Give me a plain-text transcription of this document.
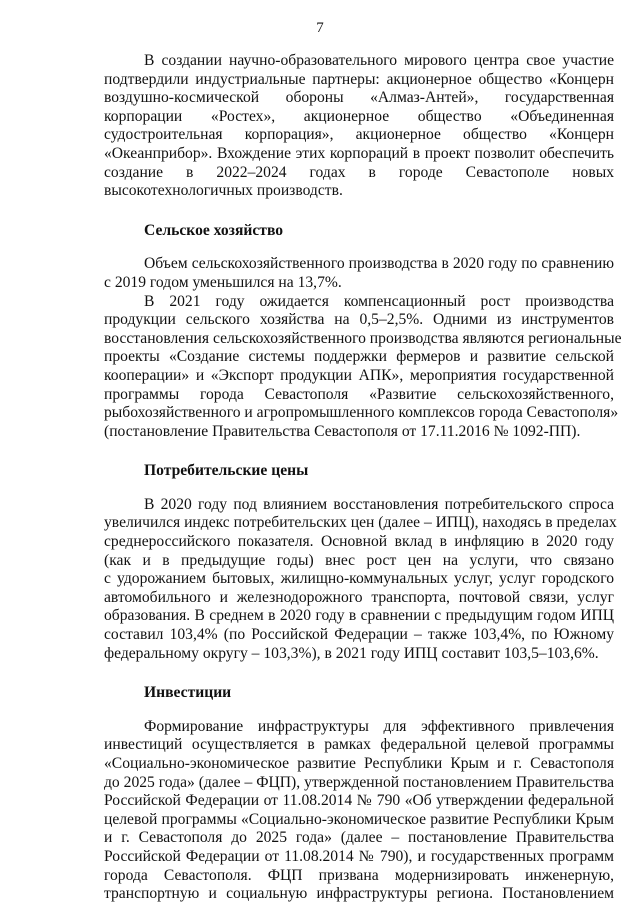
7
В создании научно-образовательного мирового центра свое участие
подтвердили индустриальные партнеры: акционерное общество «Концерн
воздушно-космической обороны «Алмаз-Антей», государственная
корпорации «Ростех», акционерное общество «Объединенная
судостроительная корпорация», акционерное общество «Концерн
«Океанприбор». Вхождение этих корпораций в проект позволит обеспечить
создание в 2022–2024 годах в городе Севастополе новых
высокотехнологичных производств.
Сельское хозяйство
Объем сельскохозяйственного производства в 2020 году по сравнению
с 2019 годом уменьшился на 13,7%.
В 2021 году ожидается компенсационный рост производства
продукции сельского хозяйства на 0,5–2,5%. Одними из инструментов
восстановления сельскохозяйственного производства являются региональные
проекты «Создание системы поддержки фермеров и развитие сельской
кооперации» и «Экспорт продукции АПК», мероприятия государственной
программы города Севастополя «Развитие сельскохозяйственного,
рыбохозяйственного и агропромышленного комплексов города Севастополя»
(постановление Правительства Севастополя от 17.11.2016 № 1092-ПП).
Потребительские цены
В 2020 году под влиянием восстановления потребительского спроса
увеличился индекс потребительских цен (далее – ИПЦ), находясь в пределах
среднероссийского показателя. Основной вклад в инфляцию в 2020 году
(как и в предыдущие годы) внес рост цен на услуги, что связано
с удорожанием бытовых, жилищно-коммунальных услуг, услуг городского
автомобильного и железнодорожного транспорта, почтовой связи, услуг
образования. В среднем в 2020 году в сравнении с предыдущим годом ИПЦ
составил 103,4% (по Российской Федерации – также 103,4%, по Южному
федеральному округу – 103,3%), в 2021 году ИПЦ составит 103,5–103,6%.
Инвестиции
Формирование инфраструктуры для эффективного привлечения
инвестиций осуществляется в рамках федеральной целевой программы
«Социально-экономическое развитие Республики Крым и г. Севастополя
до 2025 года» (далее – ФЦП), утвержденной постановлением Правительства
Российской Федерации от 11.08.2014 № 790 «Об утверждении федеральной
целевой программы «Социально-экономическое развитие Республики Крым
и г. Севастополя до 2025 года» (далее – постановление Правительства
Российской Федерации от 11.08.2014 № 790), и государственных программ
города Севастополя. ФЦП призвана модернизировать инженерную,
транспортную и социальную инфраструктуры региона. Постановлением
